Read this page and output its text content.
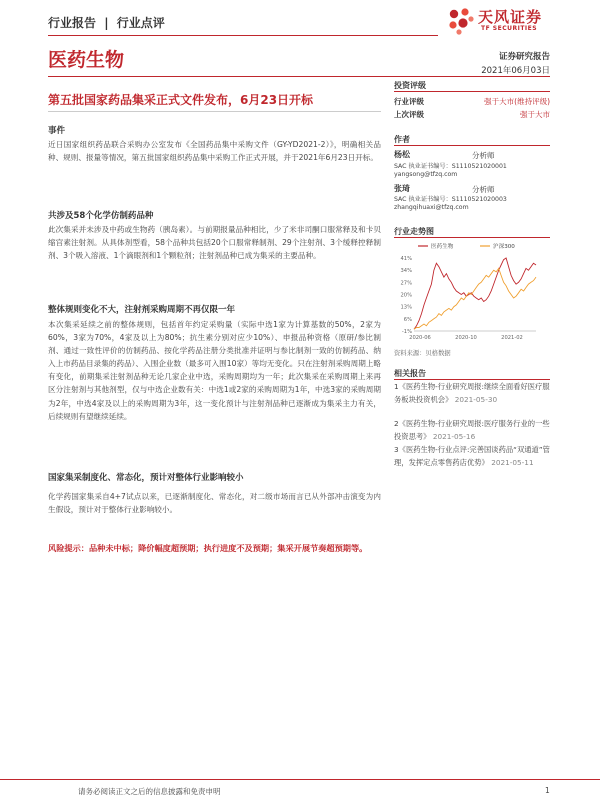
行业报告 | 行业点评	天风证券
TF SECURITIES
医药生物	证券研究报告
2021年06月03日
第五批国家药品集采正式文件发布，6月23日开标
事件
近日国家组织药品联合采购办公室发布《全国药品集中采购文件（GY-YD2021-2）》，明确相关品种、规则、报量等情况，第五批国家组织药品集中采购工作正式开展，并于2021年6月23日开标。
共涉及58个化学仿制药品种
此次集采并未涉及中药或生物药（胰岛素）。与前期报量品种相比，少了米非司酮口服常释及和卡贝缩宫素注射剂。从具体剂型看，58个品种共包括20个口服常释制剂、29个注射剂、3个缓释控释制剂、3个吸入溶液、1个滴眼剂和1个颗粒剂；注射剂品种已成为集采的主要品种。
整体规则变化不大，注射剂采购周期不再仅限一年
本次集采延续之前的整体规则，包括首年约定采购量（实际中选1家为计算基数的50%，2家为60%，3家为70%，4家及以上为80%；抗生素分别对应少10%）、申报品种资格（原研/参比制剂、通过一致性评价的仿制药品、按化学药品注册分类批准并证明与参比制剂一致的仿制药品、纳入上市药品目录集的药品）、入围企业数（最多可入围10家）等均无变化。只在注射剂采购周期上略有变化，前期集采注射剂品种无论几家企业中选，采购周期均为一年；此次集采在采购周期上来再区分注射剂与其他剂型，仅与中选企业数有关：中选1或2家的采购周期为1年，中选3家的采购周期为2年，中选4家及以上的采购周期为3年，这一变化预计与注射剂品种已逐渐成为集采主力有关，后续规则有望继续延续。
国家集采制度化、常态化，预计对整体行业影响较小
化学药国家集采自4+7试点以来，已逐渐制度化、常态化，对二级市场而言已从外部冲击演变为内生假设，预计对于整体行业影响较小。
风险提示：品种未中标；降价幅度超预期；执行进度不及预期；集采开展节奏超预期等。
投资评级
行业评级	强于大市(维持评级)
上次评级	强于大市
作者
杨松	分析师
SAC 执业证书编号：S1110521020001
yangsong@tfzq.com
张琦	分析师
SAC 执业证书编号：S1110521020003
zhangqihuaxi@tfzq.com
行业走势图
41%
34%
27%
20%
13%
6%
-1%
2020-06	2020-10	2021-02
医药生物	沪深300
资料来源：贝格数据
相关报告
1《医药生物-行业研究周报:继续全面看好医疗服务板块投资机会》 2021-05-30
2《医药生物-行业研究周报:医疗服务行业的一些投资思考》 2021-05-16
3《医药生物-行业点评:完善国谈药品“双通道”管理，发挥定点零售药店优势》 2021-05-11
请务必阅读正文之后的信息披露和免责申明	1
